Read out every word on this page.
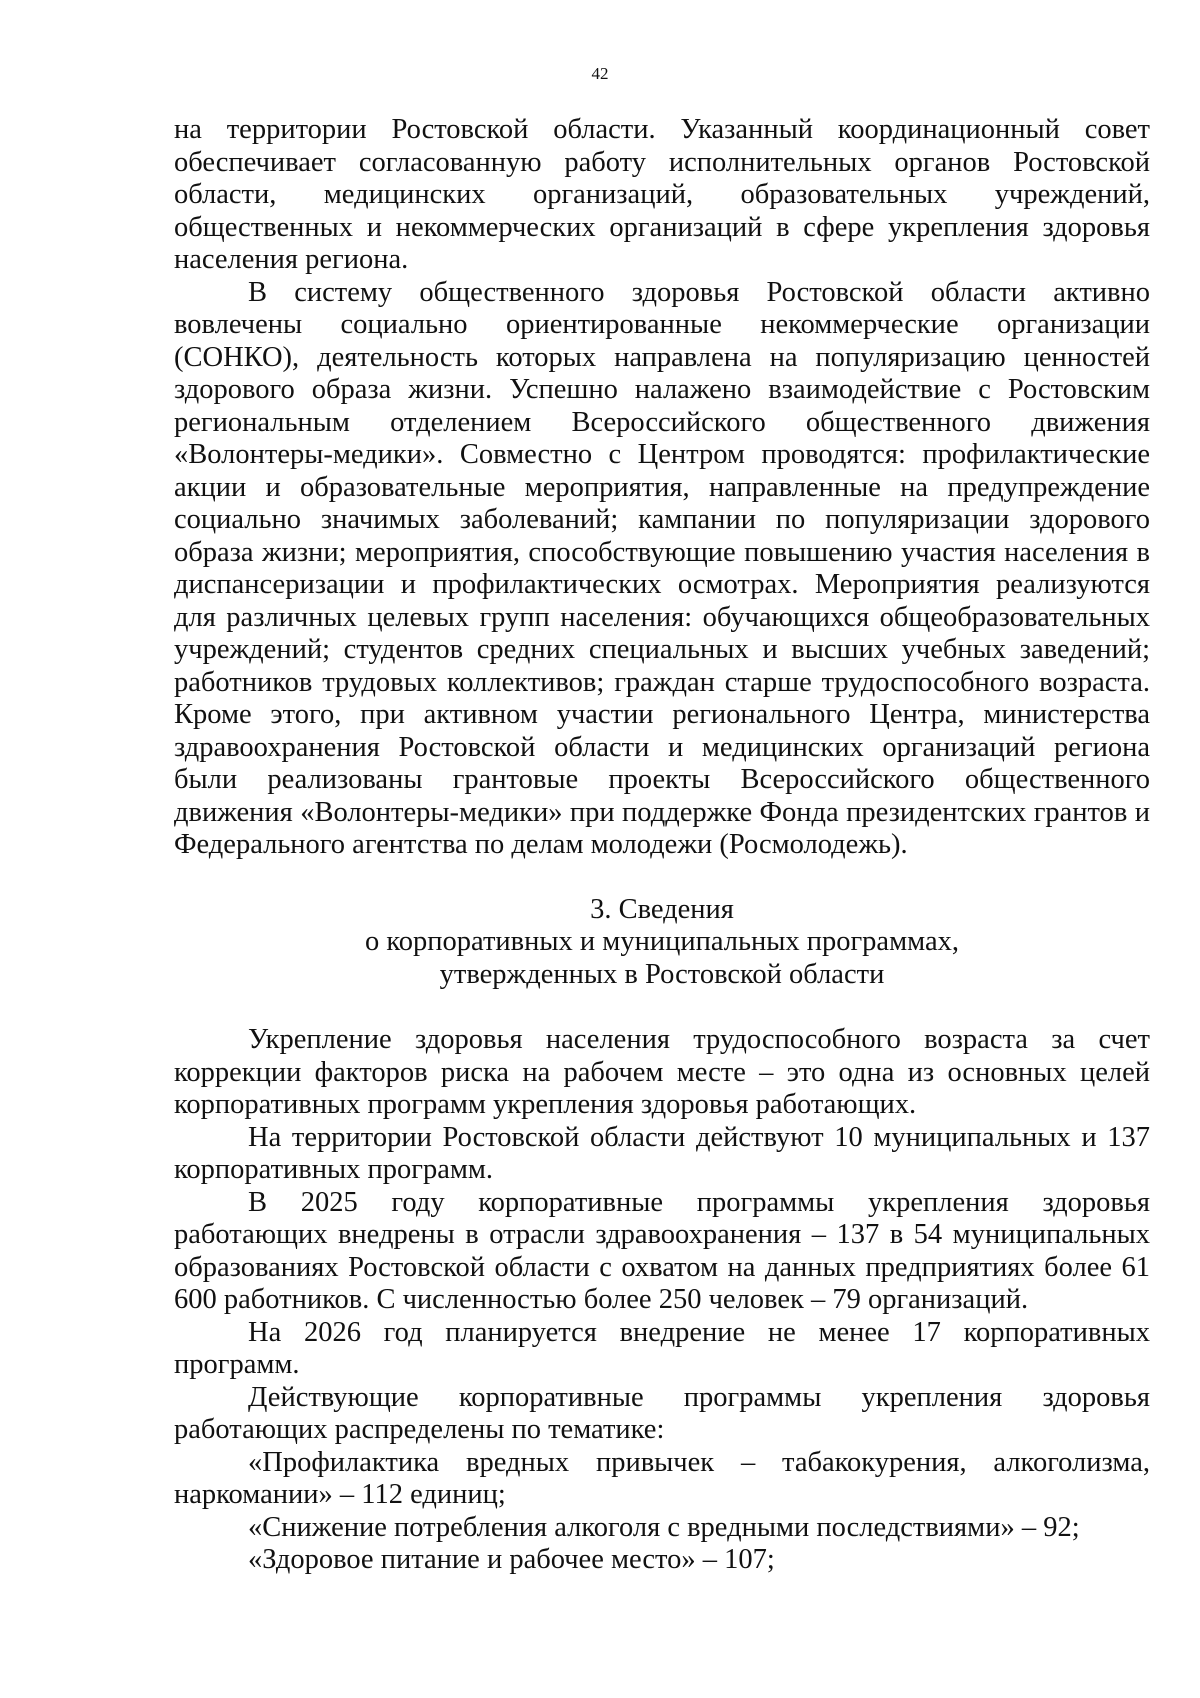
42

на территории Ростовской области. Указанный координационный совет обеспечивает согласованную работу исполнительных органов Ростовской области, медицинских организаций, образовательных учреждений, общественных и некоммерческих организаций в сфере укрепления здоровья населения региона.

В систему общественного здоровья Ростовской области активно вовлечены социально ориентированные некоммерческие организации (СОНКО), деятельность которых направлена на популяризацию ценностей здорового образа жизни. Успешно налажено взаимодействие с Ростовским региональным отделением Всероссийского общественного движения «Волонтеры-медики». Совместно с Центром проводятся: профилактические акции и образовательные мероприятия, направленные на предупреждение социально значимых заболеваний; кампании по популяризации здорового образа жизни; мероприятия, способствующие повышению участия населения в диспансеризации и профилактических осмотрах. Мероприятия реализуются для различных целевых групп населения: обучающихся общеобразовательных учреждений; студентов средних специальных и высших учебных заведений; работников трудовых коллективов; граждан старше трудоспособного возраста. Кроме этого, при активном участии регионального Центра, министерства здравоохранения Ростовской области и медицинских организаций региона были реализованы грантовые проекты Всероссийского общественного движения «Волонтеры-медики» при поддержке Фонда президентских грантов и Федерального агентства по делам молодежи (Росмолодежь).

3. Сведения
о корпоративных и муниципальных программах,
утвержденных в Ростовской области

Укрепление здоровья населения трудоспособного возраста за счет коррекции факторов риска на рабочем месте – это одна из основных целей корпоративных программ укрепления здоровья работающих.

На территории Ростовской области действуют 10 муниципальных и 137 корпоративных программ.

В 2025 году корпоративные программы укрепления здоровья работающих внедрены в отрасли здравоохранения – 137 в 54 муниципальных образованиях Ростовской области с охватом на данных предприятиях более 61 600 работников. С численностью более 250 человек – 79 организаций.

На 2026 год планируется внедрение не менее 17 корпоративных программ.

Действующие корпоративные программы укрепления здоровья работающих распределены по тематике:

«Профилактика вредных привычек – табакокурения, алкоголизма, наркомании» – 112 единиц;

«Снижение потребления алкоголя с вредными последствиями» – 92;

«Здоровое питание и рабочее место» – 107;
